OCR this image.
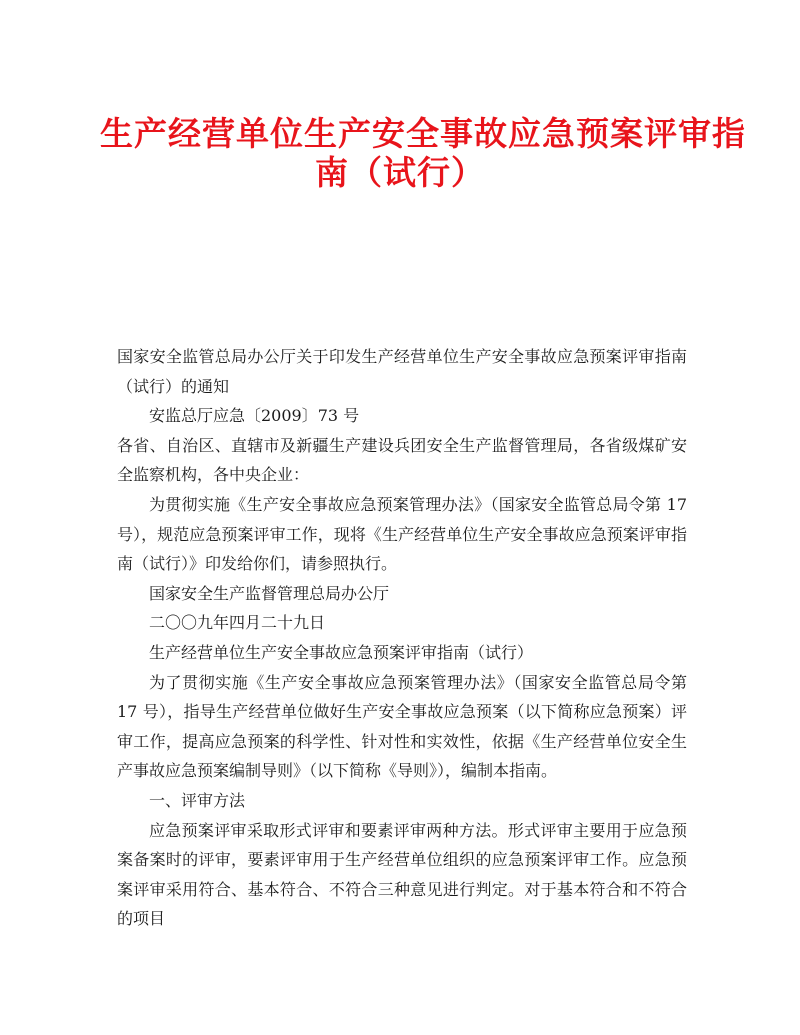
生产经营单位生产安全事故应急预案评审指
南（试行）

国家安全监管总局办公厅关于印发生产经营单位生产安全事故应急预案评审指南（试行）的通知

安监总厅应急〔2009〕73 号

各省、自治区、直辖市及新疆生产建设兵团安全生产监督管理局，各省级煤矿安全监察机构，各中央企业：

为贯彻实施《生产安全事故应急预案管理办法》（国家安全监管总局令第 17 号），规范应急预案评审工作，现将《生产经营单位生产安全事故应急预案评审指南（试行）》印发给你们，请参照执行。

国家安全生产监督管理总局办公厅

二〇〇九年四月二十九日

生产经营单位生产安全事故应急预案评审指南（试行）

为了贯彻实施《生产安全事故应急预案管理办法》（国家安全监管总局令第 17 号），指导生产经营单位做好生产安全事故应急预案（以下简称应急预案）评审工作，提高应急预案的科学性、针对性和实效性，依据《生产经营单位安全生产事故应急预案编制导则》（以下简称《导则》），编制本指南。

一、评审方法

应急预案评审采取形式评审和要素评审两种方法。形式评审主要用于应急预案备案时的评审，要素评审用于生产经营单位组织的应急预案评审工作。应急预案评审采用符合、基本符合、不符合三种意见进行判定。对于基本符合和不符合的项目
